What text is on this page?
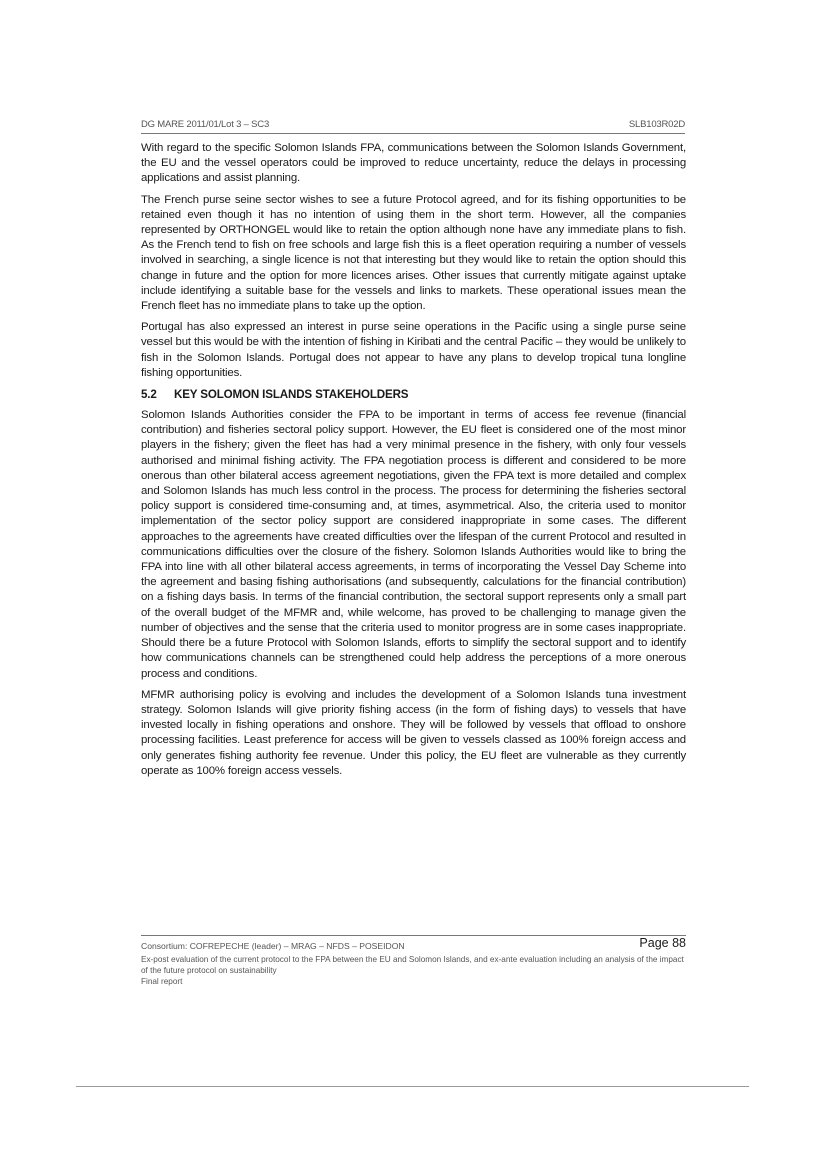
DG MARE 2011/01/Lot 3 – SC3	SLB103R02D

With regard to the specific Solomon Islands FPA, communications between the Solomon Islands Government, the EU and the vessel operators could be improved to reduce uncertainty, reduce the delays in processing applications and assist planning.

The French purse seine sector wishes to see a future Protocol agreed, and for its fishing opportunities to be retained even though it has no intention of using them in the short term. However, all the companies represented by ORTHONGEL would like to retain the option although none have any immediate plans to fish. As the French tend to fish on free schools and large fish this is a fleet operation requiring a number of vessels involved in searching, a single licence is not that interesting but they would like to retain the option should this change in future and the option for more licences arises. Other issues that currently mitigate against uptake include identifying a suitable base for the vessels and links to markets. These operational issues mean the French fleet has no immediate plans to take up the option.

Portugal has also expressed an interest in purse seine operations in the Pacific using a single purse seine vessel but this would be with the intention of fishing in Kiribati and the central Pacific – they would be unlikely to fish in the Solomon Islands. Portugal does not appear to have any plans to develop tropical tuna longline fishing opportunities.

5.2 KEY SOLOMON ISLANDS STAKEHOLDERS

Solomon Islands Authorities consider the FPA to be important in terms of access fee revenue (financial contribution) and fisheries sectoral policy support. However, the EU fleet is considered one of the most minor players in the fishery; given the fleet has had a very minimal presence in the fishery, with only four vessels authorised and minimal fishing activity. The FPA negotiation process is different and considered to be more onerous than other bilateral access agreement negotiations, given the FPA text is more detailed and complex and Solomon Islands has much less control in the process. The process for determining the fisheries sectoral policy support is considered time-consuming and, at times, asymmetrical. Also, the criteria used to monitor implementation of the sector policy support are considered inappropriate in some cases. The different approaches to the agreements have created difficulties over the lifespan of the current Protocol and resulted in communications difficulties over the closure of the fishery. Solomon Islands Authorities would like to bring the FPA into line with all other bilateral access agreements, in terms of incorporating the Vessel Day Scheme into the agreement and basing fishing authorisations (and subsequently, calculations for the financial contribution) on a fishing days basis. In terms of the financial contribution, the sectoral support represents only a small part of the overall budget of the MFMR and, while welcome, has proved to be challenging to manage given the number of objectives and the sense that the criteria used to monitor progress are in some cases inappropriate. Should there be a future Protocol with Solomon Islands, efforts to simplify the sectoral support and to identify how communications channels can be strengthened could help address the perceptions of a more onerous process and conditions.

MFMR authorising policy is evolving and includes the development of a Solomon Islands tuna investment strategy. Solomon Islands will give priority fishing access (in the form of fishing days) to vessels that have invested locally in fishing operations and onshore. They will be followed by vessels that offload to onshore processing facilities. Least preference for access will be given to vessels classed as 100% foreign access and only generates fishing authority fee revenue. Under this policy, the EU fleet are vulnerable as they currently operate as 100% foreign access vessels.

Consortium: COFREPECHE (leader) – MRAG – NFDS – POSEIDON	Page 88
Ex-post evaluation of the current protocol to the FPA between the EU and Solomon Islands, and ex-ante evaluation including an analysis of the impact of the future protocol on sustainability
Final report
